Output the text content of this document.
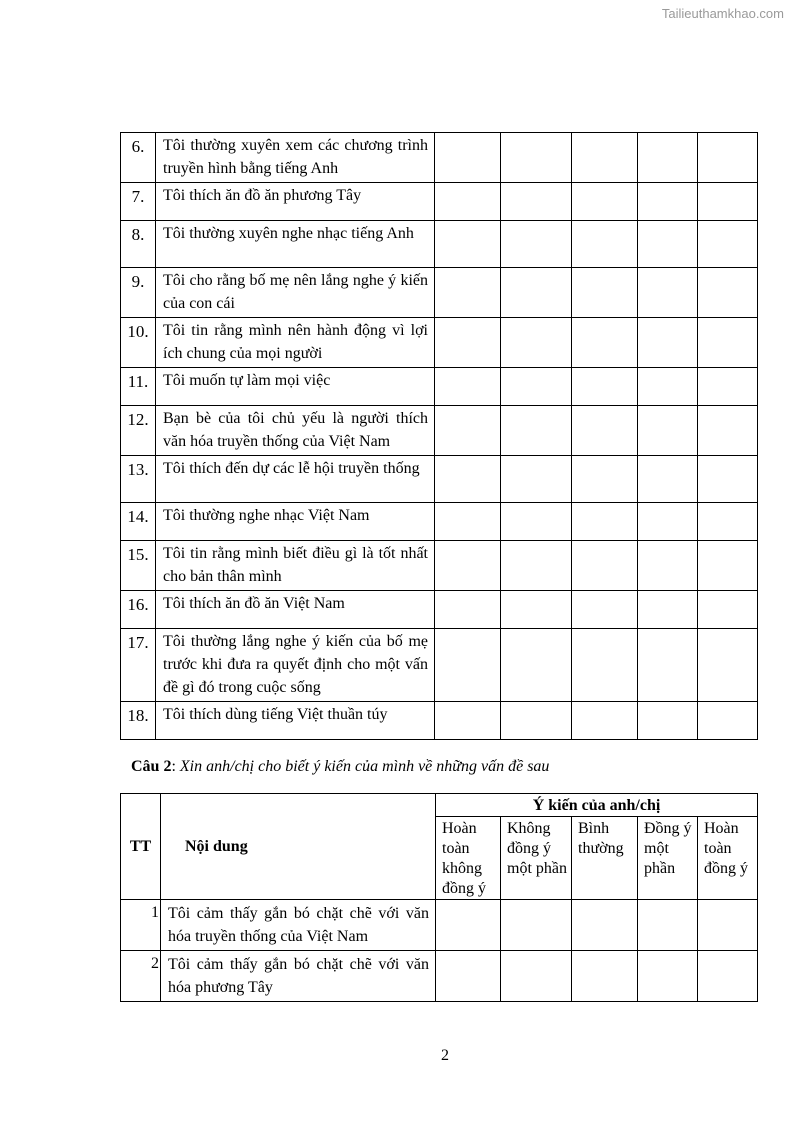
Tailieuthamkhao.com
6.	Tôi thường xuyên xem các chương trình truyền hình bằng tiếng Anh					
7.	Tôi thích ăn đồ ăn phương Tây					
8.	Tôi thường xuyên nghe nhạc tiếng Anh					
9.	Tôi cho rằng bố mẹ nên lắng nghe ý kiến của con cái					
10.	Tôi tin rằng mình nên hành động vì lợi ích chung của mọi người					
11.	Tôi muốn tự làm mọi việc					
12.	Bạn bè của tôi chủ yếu là người thích văn hóa truyền thống của Việt Nam					
13.	Tôi thích đến dự các lễ hội truyền thống					
14.	Tôi thường nghe nhạc Việt Nam					
15.	Tôi tin rằng mình biết điều gì là tốt nhất cho bản thân mình					
16.	Tôi thích ăn đồ ăn Việt Nam					
17.	Tôi thường lắng nghe ý kiến của bố mẹ trước khi đưa ra quyết định cho một vấn đề gì đó trong cuộc sống					
18.	Tôi thích dùng tiếng Việt thuần túy					
Câu 2: Xin anh/chị cho biết ý kiến của mình về những vấn đề sau
TT	Nội dung	Ý kiến của anh/chị				
		Hoàn toàn không đồng ý	Không đồng ý một phần	Bình thường	Đồng ý một phần	Hoàn toàn đồng ý
1	Tôi cảm thấy gắn bó chặt chẽ với văn hóa truyền thống của Việt Nam					
2	Tôi cảm thấy gắn bó chặt chẽ với văn hóa phương Tây					
2
